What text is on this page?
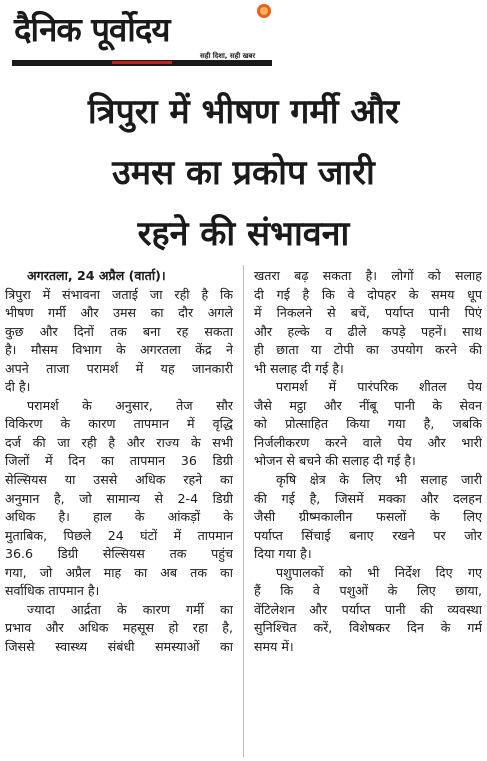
दैनिक पूर्वोदय
सही दिशा, सही खबर
त्रिपुरा में भीषण गर्मी और
उमस का प्रकोप जारी
रहने की संभावना
अगरतला, 24 अप्रैल (वार्ता)।
त्रिपुरा में संभावना जताई जा रही है कि
भीषण गर्मी और उमस का दौर अगले
कुछ और दिनों तक बना रह सकता
है। मौसम विभाग के अगरतला केंद्र ने
अपने ताजा परामर्श में यह जानकारी
दी है।
परामर्श के अनुसार, तेज सौर
विकिरण के कारण तापमान में वृद्धि
दर्ज की जा रही है और राज्य के सभी
जिलों में दिन का तापमान 36 डिग्री
सेल्सियस या उससे अधिक रहने का
अनुमान है, जो सामान्य से 2-4 डिग्री
अधिक है। हाल के आंकड़ों के
मुताबिक, पिछले 24 घंटों में तापमान
36.6 डिग्री सेल्सियस तक पहुंच
गया, जो अप्रैल माह का अब तक का
सर्वाधिक तापमान है।
ज्यादा आर्द्रता के कारण गर्मी का
प्रभाव और अधिक महसूस हो रहा है,
जिससे स्वास्थ्य संबंधी समस्याओं का
खतरा बढ़ सकता है। लोगों को सलाह
दी गई है कि वे दोपहर के समय धूप
में निकलने से बचें, पर्याप्त पानी पिएं
और हल्के व ढीले कपड़े पहनें। साथ
ही छाता या टोपी का उपयोग करने की
भी सलाह दी गई है।
परामर्श में पारंपरिक शीतल पेय
जैसे मट्ठा और नींबू पानी के सेवन
को प्रोत्साहित किया गया है, जबकि
निर्जलीकरण करने वाले पेय और भारी
भोजन से बचने की सलाह दी गई है।
कृषि क्षेत्र के लिए भी सलाह जारी
की गई है, जिसमें मक्का और दलहन
जैसी ग्रीष्मकालीन फसलों के लिए
पर्याप्त सिंचाई बनाए रखने पर जोर
दिया गया है।
पशुपालकों को भी निर्देश दिए गए
हैं कि वे पशुओं के लिए छाया,
वेंटिलेशन और पर्याप्त पानी की व्यवस्था
सुनिश्चित करें, विशेषकर दिन के गर्म
समय में।
